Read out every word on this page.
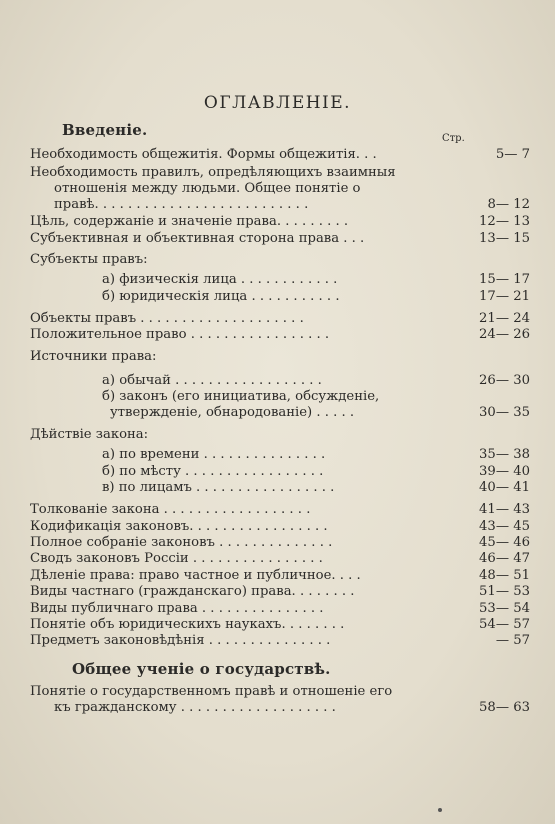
ОГЛАВЛЕНІЕ.
Введеніе.	Стр.
Необходимость общежитія. Формы общежитія. . .	5— 7
Необходимость правилъ, опредѣляющихъ взаимныя
отношенія между людьми. Общее понятіе о
правѣ. . . . . . . . . . . . . . . . . . . . . . . . . .	8— 12
Цѣль, содержаніе и значеніе права. . . . . . . . .	12— 13
Субъективная и объективная сторона права . . .	13— 15
Субъекты правъ:
а) физическія лица . . . . . . . . . . . .	15— 17
б) юридическія лица . . . . . . . . . . .	17— 21
Объекты правъ . . . . . . . . . . . . . . . . . . . .	21— 24
Положительное право . . . . . . . . . . . . . . . . .	24— 26
Источники права:
а) обычай . . . . . . . . . . . . . . . . . .	26— 30
б) законъ (его инициатива, обсужденіе,
утвержденіе, обнародованіе) . . . . .	30— 35
Дѣйствіе закона:
а) по времени . . . . . . . . . . . . . . .	35— 38
б) по мѣсту . . . . . . . . . . . . . . . . .	39— 40
в) по лицамъ . . . . . . . . . . . . . . . . .	40— 41
Толкованіе закона . . . . . . . . . . . . . . . . . .	41— 43
Кодификація законовъ. . . . . . . . . . . . . . . . .	43— 45
Полное собраніе законовъ . . . . . . . . . . . . . .	45— 46
Сводъ законовъ Россіи . . . . . . . . . . . . . . . .	46— 47
Дѣленіе права: право частное и публичное. . . .	48— 51
Виды частнаго (гражданскаго) права. . . . . . . .	51— 53
Виды публичнаго права . . . . . . . . . . . . . . .	53— 54
Понятіе объ юридическихъ наукахъ. . . . . . . .	54— 57
Предметъ законовѣдѣнія . . . . . . . . . . . . . . .	— 57
Общее ученіе о государствѣ.
Понятіе о государственномъ правѣ и отношеніе его
къ гражданскому . . . . . . . . . . . . . . . . . . .	58— 63
